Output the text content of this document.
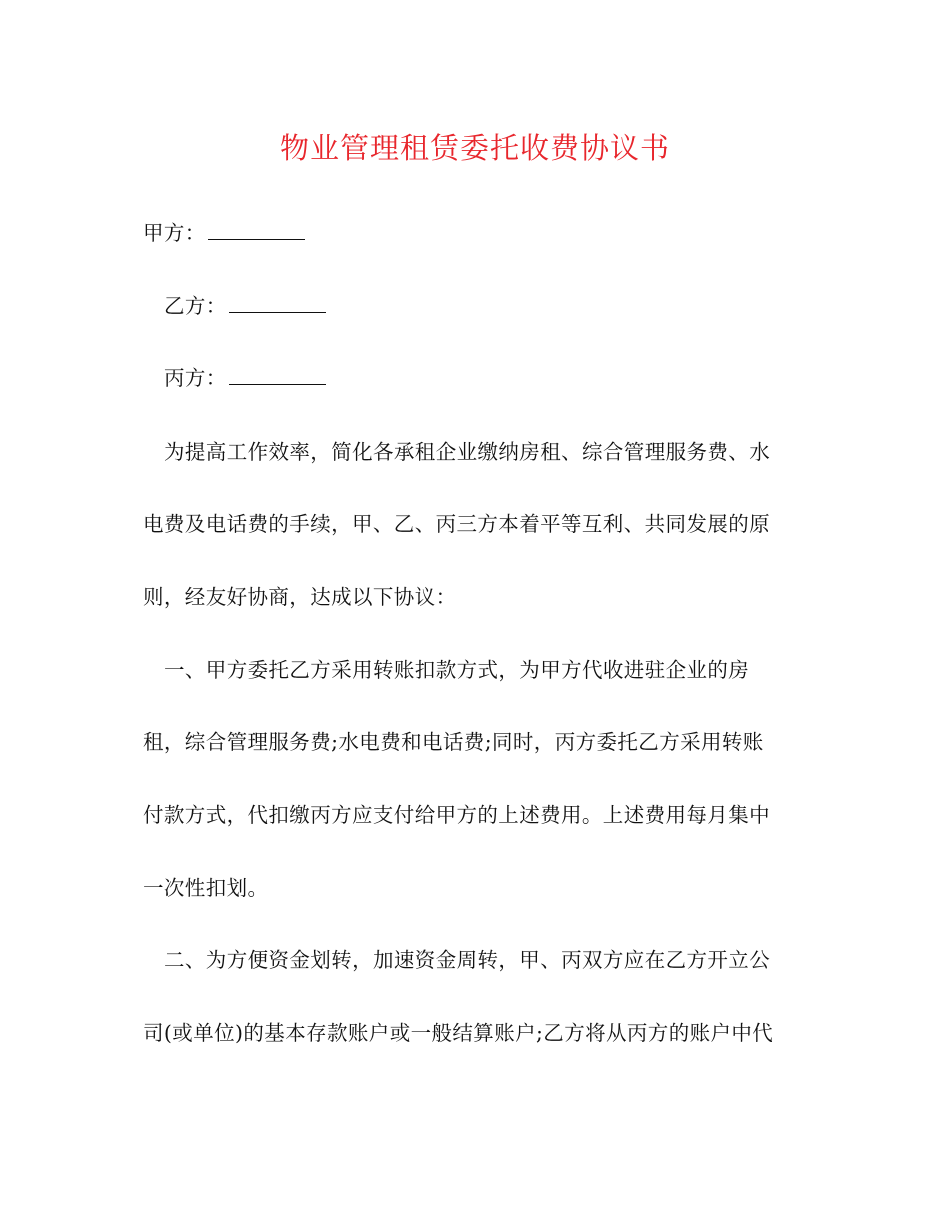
物业管理租赁委托收费协议书
甲方：
乙方：
丙方：
为提高工作效率，简化各承租企业缴纳房租、综合管理服务费、水
电费及电话费的手续，甲、乙、丙三方本着平等互利、共同发展的原
则，经友好协商，达成以下协议：
一、甲方委托乙方采用转账扣款方式，为甲方代收进驻企业的房
租，综合管理服务费;水电费和电话费;同时，丙方委托乙方采用转账
付款方式，代扣缴丙方应支付给甲方的上述费用。上述费用每月集中
一次性扣划。
二、为方便资金划转，加速资金周转，甲、丙双方应在乙方开立公
司(或单位)的基本存款账户或一般结算账户;乙方将从丙方的账户中代
